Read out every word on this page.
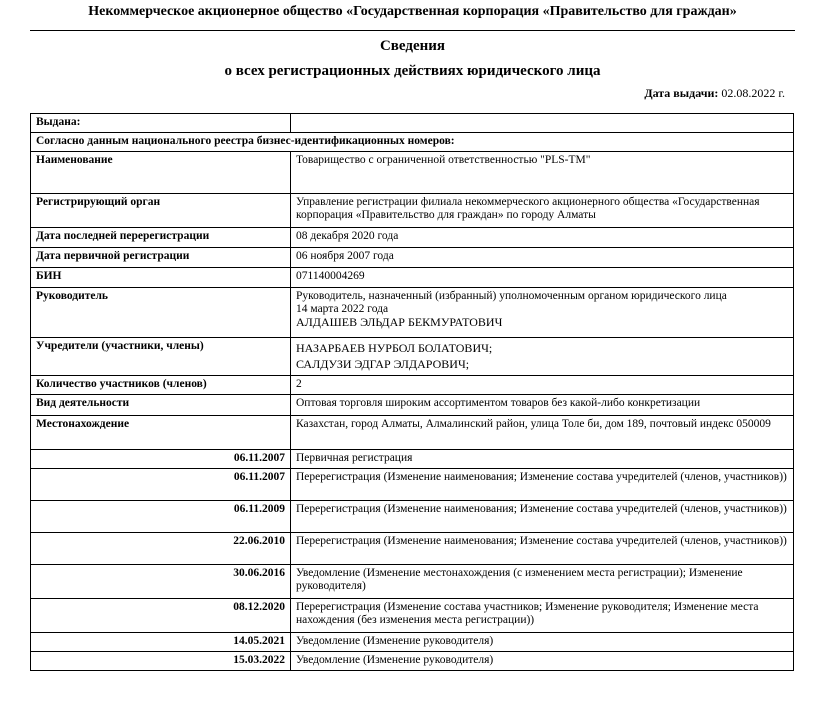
Некоммерческое акционерное общество «Государственная корпорация «Правительство для граждан»
Сведения
о всех регистрационных действиях юридического лица
Дата выдачи: 02.08.2022 г.
Выдана:	
Согласно данным национального реестра бизнес-идентификационных номеров:	
Наименование	Товарищество с ограниченной ответственностью "PLS-TM"
Регистрирующий орган	Управление регистрации филиала некоммерческого акционерного общества «Государственная корпорация «Правительство для граждан» по городу Алматы
Дата последней перерегистрации	08 декабря 2020 года
Дата первичной регистрации	06 ноября 2007 года
БИН	071140004269
Руководитель	Руководитель, назначенный (избранный) уполномоченным органом юридического лица
14 марта 2022 года
АЛДАШЕВ ЭЛЬДАР БЕКМУРАТОВИЧ

Учредители (участники, члены)	НАЗАРБАЕВ НУРБОЛ БОЛАТОВИЧ;
САЛДУЗИ ЭДГАР ЭЛДАРОВИЧ;

Количество участников (членов)	2
Вид деятельности	Оптовая торговля широким ассортиментом товаров без какой-либо конкретизации
Местонахождение	Казахстан, город Алматы, Алмалинский район, улица Толе би, дом 189, почтовый индекс 050009
06.11.2007	Первичная регистрация
06.11.2007	Перерегистрация (Изменение наименования; Изменение состава учредителей (членов, участников))
06.11.2009	Перерегистрация (Изменение наименования; Изменение состава учредителей (членов, участников))
22.06.2010	Перерегистрация (Изменение наименования; Изменение состава учредителей (членов, участников))
30.06.2016	Уведомление (Изменение местонахождения (с изменением места регистрации); Изменение руководителя)
08.12.2020	Перерегистрация (Изменение состава участников; Изменение руководителя; Изменение места нахождения (без изменения места регистрации))
14.05.2021	Уведомление (Изменение руководителя)
15.03.2022	Уведомление (Изменение руководителя)
